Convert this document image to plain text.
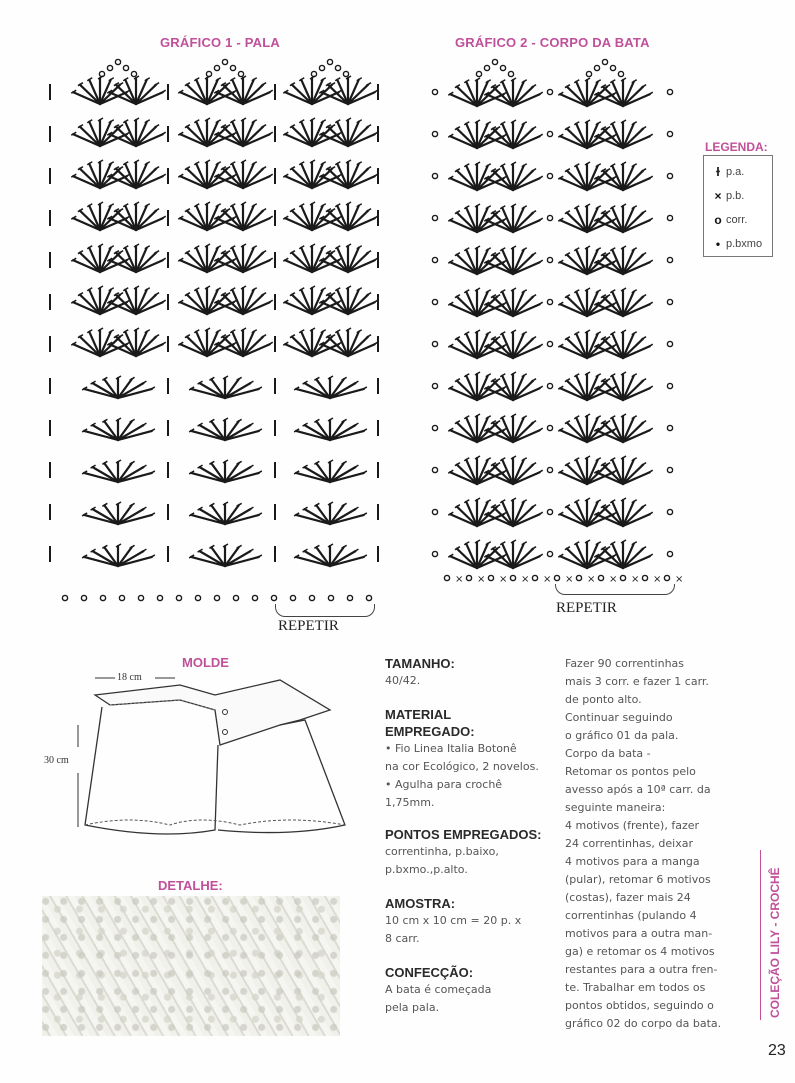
GRÁFICO 1 - PALA
REPETIR
GRÁFICO 2 - CORPO DA BATA
× × × × × × × × × × ×
REPETIR
LEGENDA:
ɫ p.a.
× p.b.
o corr.
• p.bxmo
MOLDE
18 cm
30 cm
DETALHE:
TAMANHO:
40/42.
MATERIAL
EMPREGADO:
• Fio Linea Italia Botonê
na cor Ecológico, 2 novelos.
• Agulha para crochê
1,75mm.
PONTOS EMPREGADOS:
correntinha, p.baixo,
p.bxmo.,p.alto.
AMOSTRA:
10 cm x 10 cm = 20 p. x
8 carr.
CONFECÇÃO:
A bata é começada
pela pala.
Fazer 90 correntinhas
mais 3 corr. e fazer 1 carr.
de ponto alto.
Continuar seguindo
o gráfico 01 da pala.
Corpo da bata -
Retomar os pontos pelo
avesso após a 10ª carr. da
seguinte maneira:
4 motivos (frente), fazer
24 correntinhas, deixar
4 motivos para a manga
(pular), retomar 6 motivos
(costas), fazer mais 24
correntinhas (pulando 4
motivos para a outra man-
ga) e retomar os 4 motivos
restantes para a outra fren-
te. Trabalhar em todos os
pontos obtidos, seguindo o
gráfico 02 do corpo da bata.
COLEÇÃO LILY - CROCHÊ
23
